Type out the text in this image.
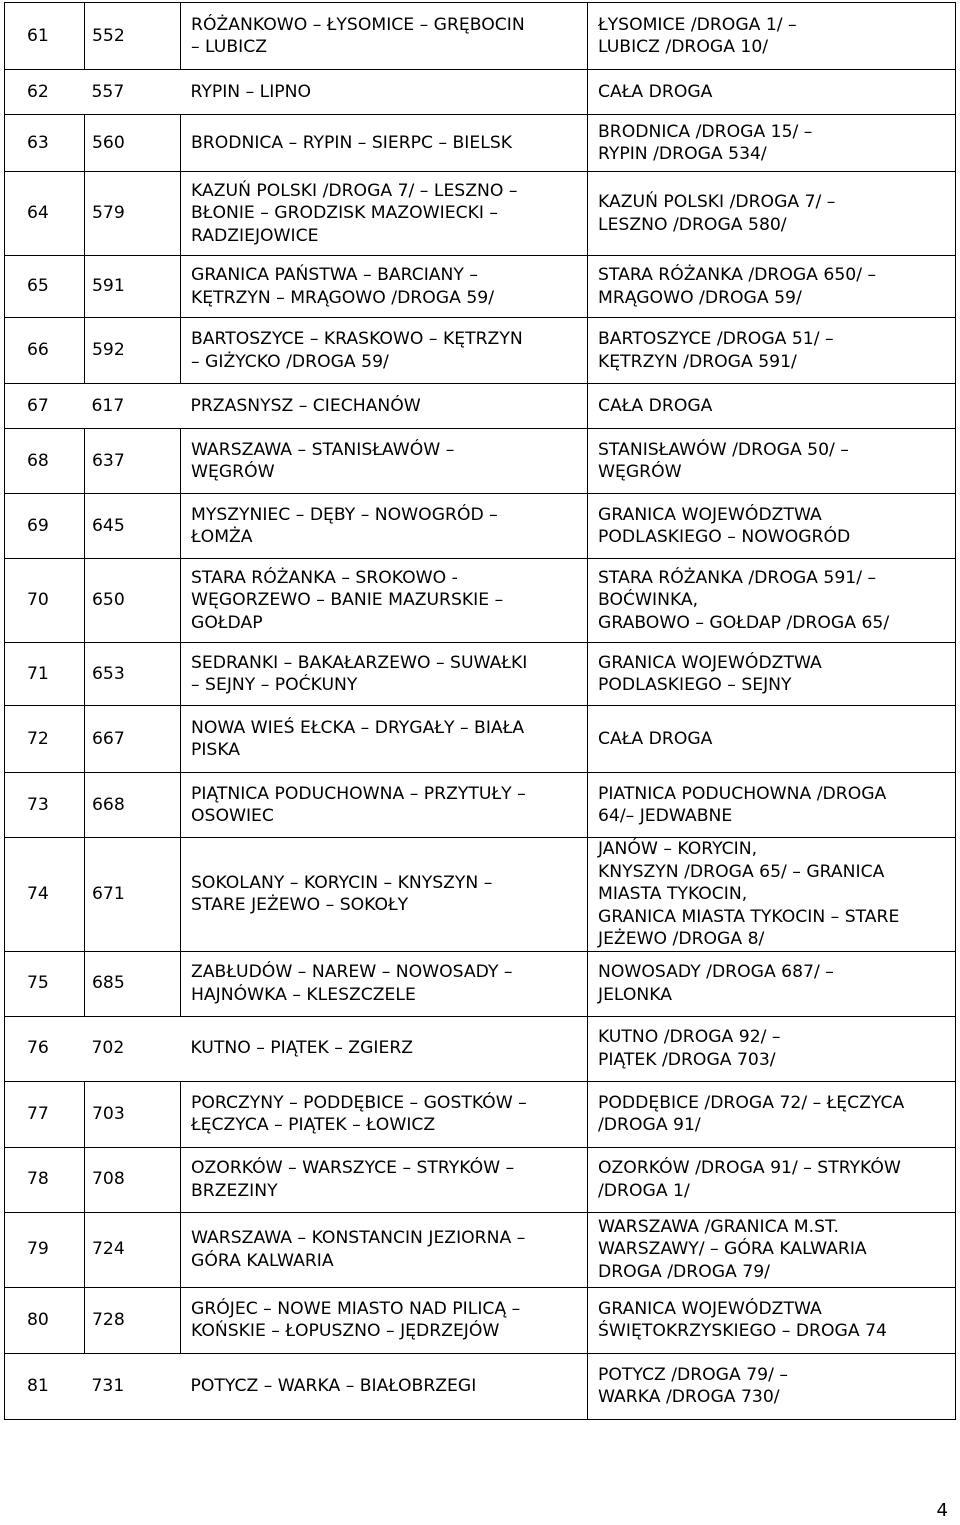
61	552	RÓŻANKOWO – ŁYSOMICE – GRĘBOCIN
– LUBICZ	ŁYSOMICE /DROGA 1/ –
LUBICZ /DROGA 10/
62	557	RYPIN – LIPNO	CAŁA DROGA
63	560	BRODNICA – RYPIN – SIERPC – BIELSK	BRODNICA /DROGA 15/ –
RYPIN /DROGA 534/
64	579	KAZUŃ POLSKI /DROGA 7/ – LESZNO –
BŁONIE – GRODZISK MAZOWIECKI –
RADZIEJOWICE	KAZUŃ POLSKI /DROGA 7/ –
LESZNO /DROGA 580/
65	591	GRANICA PAŃSTWA – BARCIANY –
KĘTRZYN – MRĄGOWO /DROGA 59/	STARA RÓŻANKA /DROGA 650/ –
MRĄGOWO /DROGA 59/
66	592	BARTOSZYCE – KRASKOWO – KĘTRZYN
– GIŻYCKO /DROGA 59/	BARTOSZYCE /DROGA 51/ –
KĘTRZYN /DROGA 591/
67	617	PRZASNYSZ – CIECHANÓW	CAŁA DROGA
68	637	WARSZAWA – STANISŁAWÓW –
WĘGRÓW	STANISŁAWÓW /DROGA 50/ –
WĘGRÓW
69	645	MYSZYNIEC – DĘBY – NOWOGRÓD –
ŁOMŻA	GRANICA WOJEWÓDZTWA
PODLASKIEGO – NOWOGRÓD
70	650	STARA RÓŻANKA – SROKOWO -
WĘGORZEWO – BANIE MAZURSKIE –
GOŁDAP	STARA RÓŻANKA /DROGA 591/ –
BOĆWINKA,
GRABOWO – GOŁDAP /DROGA 65/
71	653	SEDRANKI – BAKAŁARZEWO – SUWAŁKI
– SEJNY – POĆKUNY	GRANICA WOJEWÓDZTWA
PODLASKIEGO – SEJNY
72	667	NOWA WIEŚ EŁCKA – DRYGAŁY – BIAŁA
PISKA	CAŁA DROGA
73	668	PIĄTNICA PODUCHOWNA – PRZYTUŁY –
OSOWIEC	PIATNICA PODUCHOWNA /DROGA
64/– JEDWABNE
74	671	SOKOLANY – KORYCIN – KNYSZYN –
STARE JEŻEWO – SOKOŁY	JANÓW – KORYCIN,
KNYSZYN /DROGA 65/ – GRANICA
MIASTA TYKOCIN,
GRANICA MIASTA TYKOCIN – STARE
JEŻEWO /DROGA 8/
75	685	ZABŁUDÓW – NAREW – NOWOSADY –
HAJNÓWKA – KLESZCZELE	NOWOSADY /DROGA 687/ –
JELONKA
76	702	KUTNO – PIĄTEK – ZGIERZ	KUTNO /DROGA 92/ –
PIĄTEK /DROGA 703/
77	703	PORCZYNY – PODDĘBICE – GOSTKÓW –
ŁĘCZYCA – PIĄTEK – ŁOWICZ	PODDĘBICE /DROGA 72/ – ŁĘCZYCA
/DROGA 91/
78	708	OZORKÓW – WARSZYCE – STRYKÓW –
BRZEZINY	OZORKÓW /DROGA 91/ – STRYKÓW
/DROGA 1/
79	724	WARSZAWA – KONSTANCIN JEZIORNA –
GÓRA KALWARIA	WARSZAWA /GRANICA M.ST.
WARSZAWY/ – GÓRA KALWARIA
DROGA /DROGA 79/
80	728	GRÓJEC – NOWE MIASTO NAD PILICĄ –
KOŃSKIE – ŁOPUSZNO – JĘDRZEJÓW	GRANICA WOJEWÓDZTWA
ŚWIĘTOKRZYSKIEGO – DROGA 74
81	731	POTYCZ – WARKA – BIAŁOBRZEGI	POTYCZ /DROGA 79/ –
WARKA /DROGA 730/
4
